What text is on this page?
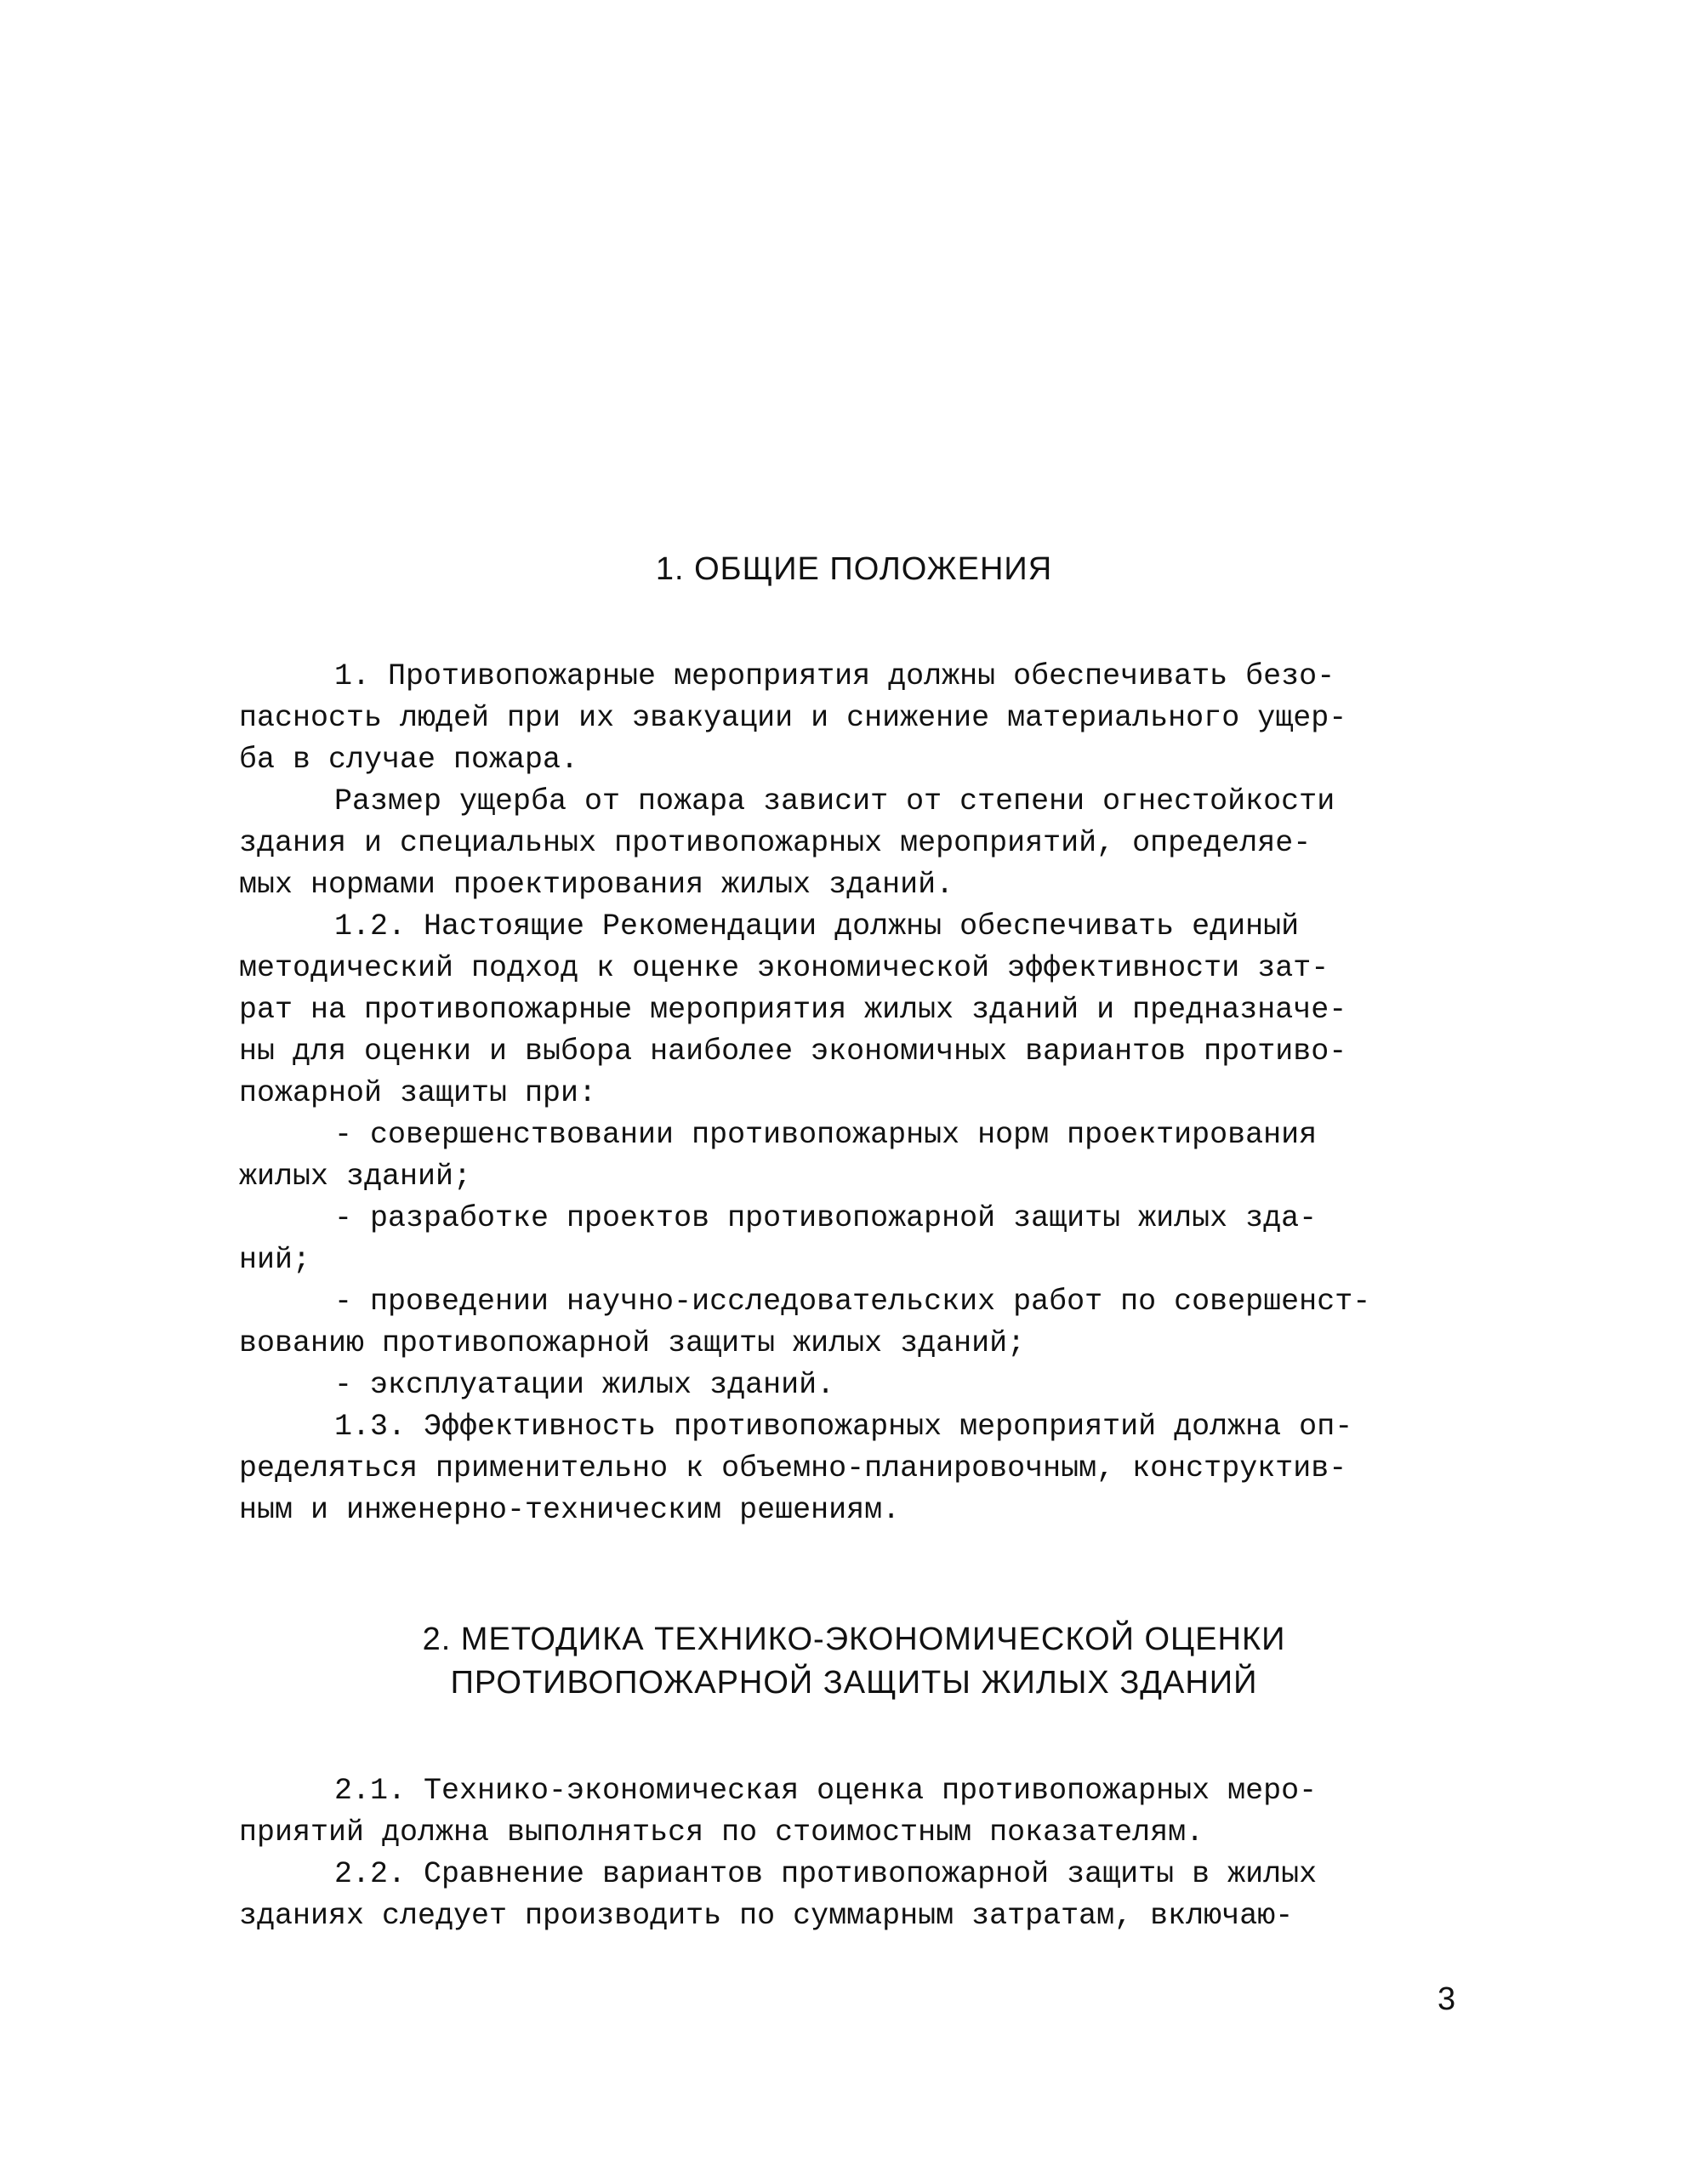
1. ОБЩИЕ ПОЛОЖЕНИЯ
1. Противопожарные мероприятия должны обеспечивать безо-
пасность людей при их эвакуации и снижение материального ущер-
ба в случае пожара.
Размер ущерба от пожара зависит от степени огнестойкости
здания и специальных противопожарных мероприятий, определяе-
мых нормами проектирования жилых зданий.
1.2. Настоящие Рекомендации должны обеспечивать единый
методический подход к оценке экономической эффективности зат-
рат на противопожарные мероприятия жилых зданий и предназначе-
ны для оценки и выбора наиболее экономичных вариантов противо-
пожарной защиты при:
- совершенствовании противопожарных норм проектирования
жилых зданий;
- разработке проектов противопожарной защиты жилых зда-
ний;
- проведении научно-исследовательских работ по совершенст-
вованию противопожарной защиты жилых зданий;
- эксплуатации жилых зданий.
1.3. Эффективность противопожарных мероприятий должна оп-
ределяться применительно к объемно-планировочным, конструктив-
ным и инженерно-техническим решениям.
2. МЕТОДИКА ТЕХНИКО-ЭКОНОМИЧЕСКОЙ ОЦЕНКИ
ПРОТИВОПОЖАРНОЙ ЗАЩИТЫ ЖИЛЫХ ЗДАНИЙ
2.1. Технико-экономическая оценка противопожарных меро-
приятий должна выполняться по стоимостным показателям.
2.2. Сравнение вариантов противопожарной защиты в жилых
зданиях следует производить по суммарным затратам, включаю-
3
